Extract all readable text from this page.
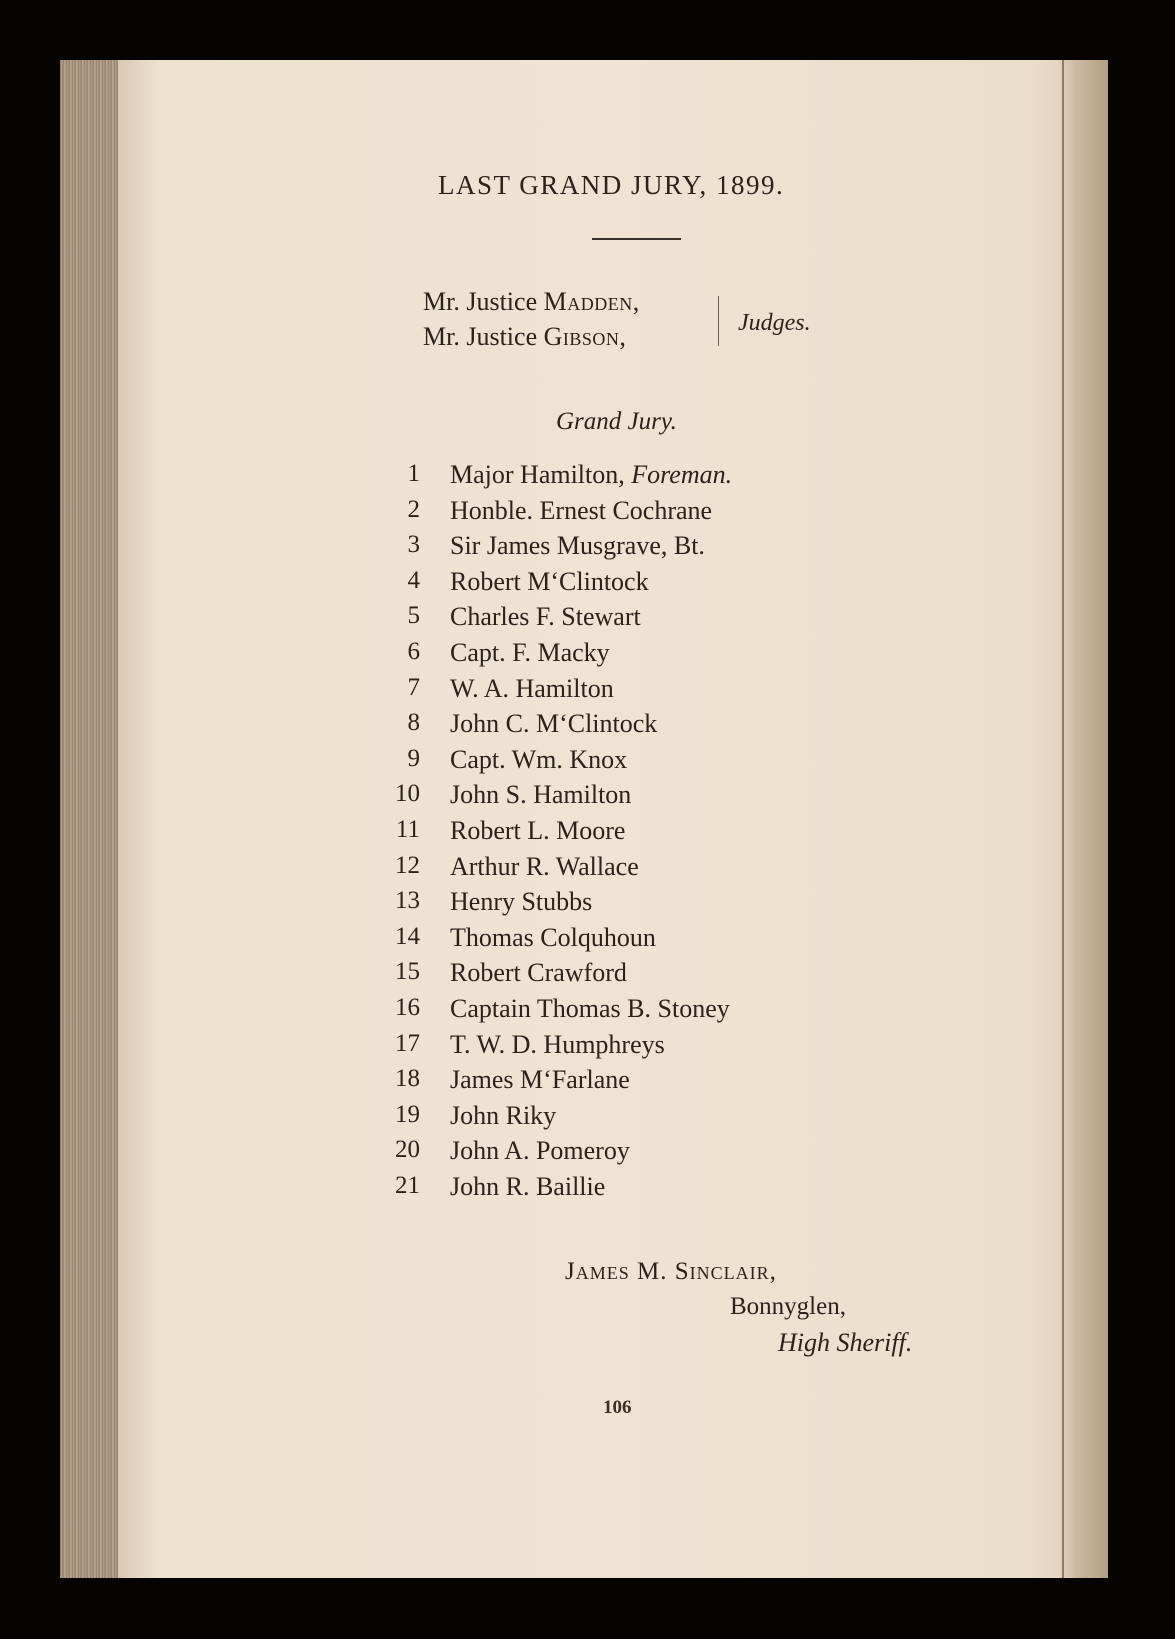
LAST GRAND JURY, 1899.
Mr. Justice Madden,
Mr. Justice Gibson,	Judges.
Grand Jury.
1 Major Hamilton, Foreman.
2 Honble. Ernest Cochrane
3 Sir James Musgrave, Bt.
4 Robert M‘Clintock
5 Charles F. Stewart
6 Capt. F. Macky
7 W. A. Hamilton
8 John C. M‘Clintock
9 Capt. Wm. Knox
10 John S. Hamilton
11 Robert L. Moore
12 Arthur R. Wallace
13 Henry Stubbs
14 Thomas Colquhoun
15 Robert Crawford
16 Captain Thomas B. Stoney
17 T. W. D. Humphreys
18 James M‘Farlane
19 John Riky
20 John A. Pomeroy
21 John R. Baillie
James M. Sinclair,
Bonnyglen,
High Sheriff.
106
